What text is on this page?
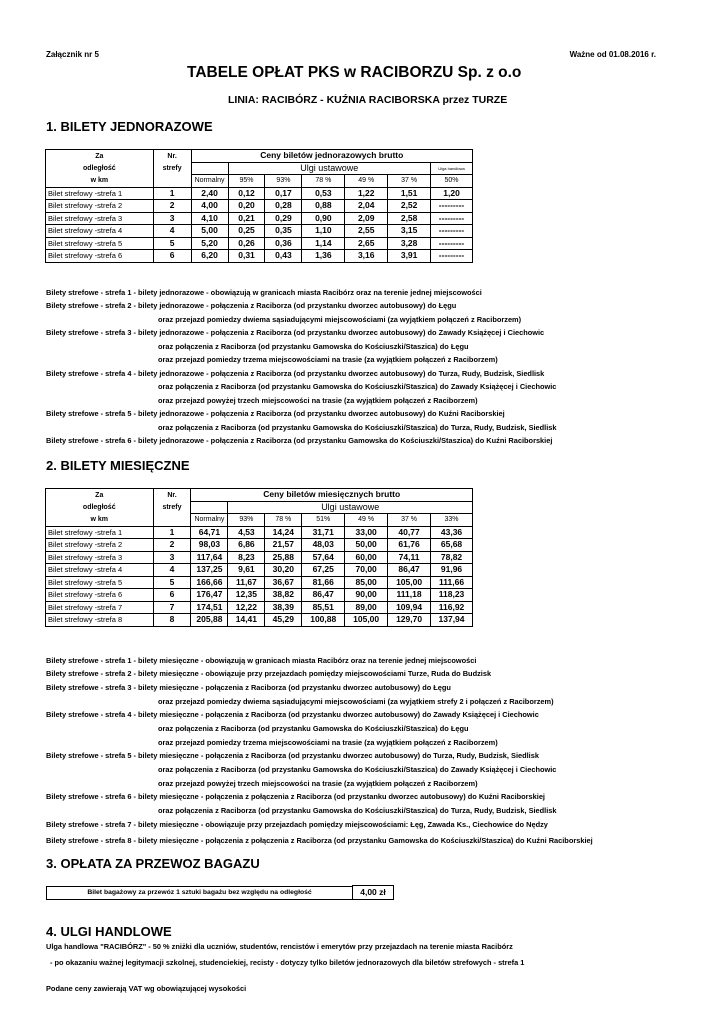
Załącznik nr 5	Ważne od 01.08.2016 r.
TABELE OPŁAT PKS w RACIBORZU Sp. z o.o
LINIA: RACIBÓRZ - KUŹNIA RACIBORSKA przez TURZE
1. BILETY JEDNORAZOWE
Za	Nr.	Ceny biletów jednorazowych brutto						
odległość	strefy		Ulgi ustawowe					Ulga handlowa
w km		Normalny	95%	93%	78 %	49 %	37 %	50%
Bilet strefowy -strefa 1	1	2,40	0,12	0,17	0,53	1,22	1,51	1,20
Bilet strefowy -strefa 2	2	4,00	0,20	0,28	0,88	2,04	2,52	---------
Bilet strefowy -strefa 3	3	4,10	0,21	0,29	0,90	2,09	2,58	---------
Bilet strefowy -strefa 4	4	5,00	0,25	0,35	1,10	2,55	3,15	---------
Bilet strefowy -strefa 5	5	5,20	0,26	0,36	1,14	2,65	3,28	---------
Bilet strefowy -strefa 6	6	6,20	0,31	0,43	1,36	3,16	3,91	---------
Bilety strefowe - strefa 1 - bilety jednorazowe - obowiązują w granicach miasta Racibórz oraz na terenie jednej miejscowości
Bilety strefowe - strefa 2 - bilety jednorazowe - połączenia z Raciborza (od przystanku dworzec autobusowy) do Łęgu
oraz przejazd pomiedzy dwiema sąsiadującymi miejscowościami (za wyjątkiem połączeń z Raciborzem)
Bilety strefowe - strefa 3 - bilety jednorazowe - połączenia z Raciborza (od przystanku dworzec autobusowy) do Zawady Książęcej i Ciechowic
oraz połączenia z Raciborza (od przystanku Gamowska do Kościuszki/Staszica) do Łęgu
oraz przejazd pomiedzy trzema miejscowościami na trasie (za wyjątkiem połączeń z Raciborzem)
Bilety strefowe - strefa 4 - bilety jednorazowe - połączenia z Raciborza (od przystanku dworzec autobusowy) do Turza, Rudy, Budzisk, Siedlisk
oraz połączenia z Raciborza (od przystanku Gamowska do Kościuszki/Staszica) do Zawady Książęcej i Ciechowic
oraz przejazd powyżej trzech miejscowości na trasie (za wyjątkiem połączeń z Raciborzem)
Bilety strefowe - strefa 5 - bilety jednorazowe - połączenia z Raciborza (od przystanku dworzec autobusowy) do Kuźni Raciborskiej
oraz połączenia z Raciborza (od przystanku Gamowska do Kościuszki/Staszica) do Turza, Rudy, Budzisk, Siedlisk
Bilety strefowe - strefa 6 - bilety jednorazowe - połączenia z Raciborza (od przystanku Gamowska do Kościuszki/Staszica) do Kuźni Raciborskiej
2. BILETY MIESIĘCZNE
Za	Nr.	Ceny biletów miesięcznych brutto						
odległość	strefy		Ulgi ustawowe					
w km		Normalny	93%	78 %	51%	49 %	37 %	33%
Bilet strefowy -strefa 1	1	64,71	4,53	14,24	31,71	33,00	40,77	43,36
Bilet strefowy -strefa 2	2	98,03	6,86	21,57	48,03	50,00	61,76	65,68
Bilet strefowy -strefa 3	3	117,64	8,23	25,88	57,64	60,00	74,11	78,82
Bilet strefowy -strefa 4	4	137,25	9,61	30,20	67,25	70,00	86,47	91,96
Bilet strefowy -strefa 5	5	166,66	11,67	36,67	81,66	85,00	105,00	111,66
Bilet strefowy -strefa 6	6	176,47	12,35	38,82	86,47	90,00	111,18	118,23
Bilet strefowy -strefa 7	7	174,51	12,22	38,39	85,51	89,00	109,94	116,92
Bilet strefowy -strefa 8	8	205,88	14,41	45,29	100,88	105,00	129,70	137,94
Bilety strefowe - strefa 1 - bilety miesięczne - obowiązują w granicach miasta Racibórz oraz na terenie jednej miejscowości
Bilety strefowe - strefa 2 - bilety miesięczne - obowiązuje przy przejazdach pomiędzy miejscowościami Turze, Ruda do Budzisk
Bilety strefowe - strefa 3 - bilety miesięczne - połączenia z Raciborza (od przystanku dworzec autobusowy) do Łęgu
oraz przejazd pomiedzy dwiema sąsiadującymi miejscowościami (za wyjątkiem strefy 2 i połączeń z Raciborzem)
Bilety strefowe - strefa 4 - bilety miesięczne - połączenia z Raciborza (od przystanku dworzec autobusowy) do Zawady Książęcej i Ciechowic
oraz połączenia z Raciborza (od przystanku Gamowska do Kościuszki/Staszica) do Łęgu
oraz przejazd pomiedzy trzema miejscowościami na trasie (za wyjątkiem połączeń z Raciborzem)
Bilety strefowe - strefa 5 - bilety miesięczne - połączenia z Raciborza (od przystanku dworzec autobusowy) do Turza, Rudy, Budzisk, Siedlisk
oraz połączenia z Raciborza (od przystanku Gamowska do Kościuszki/Staszica) do Zawady Książęcej i Ciechowic
oraz przejazd powyżej trzech miejscowości na trasie (za wyjątkiem połączeń z Raciborzem)
Bilety strefowe - strefa 6 - bilety miesięczne - połączenia z połączenia z Raciborza (od przystanku dworzec autobusowy) do Kuźni Raciborskiej
oraz połączenia z Raciborza (od przystanku Gamowska do Kościuszki/Staszica) do Turza, Rudy, Budzisk, Siedlisk
Bilety strefowe - strefa 7 - bilety miesięczne - obowiązuje przy przejazdach pomiędzy miejscowościami: Łęg, Zawada Ks., Ciechowice do Nędzy
Bilety strefowe - strefa 8 - bilety miesięczne - połączenia z połączenia z Raciborza (od przystanku Gamowska do Kościuszki/Staszica) do Kuźni Raciborskiej
3. OPŁATA ZA PRZEWOZ BAGAZU
Bilet bagażowy za przewóz 1 sztuki bagażu bez względu na odległość	4,00 zł
4. ULGI HANDLOWE
Ulga handlowa "RACIBÓRZ" - 50 % zniżki dla uczniów, studentów, rencistów i emerytów przy przejazdach na terenie miasta Racibórz
- po okazaniu ważnej legitymacji szkolnej, studenciekiej, recisty - dotyczy tylko biletów jednorazowych dla biletów strefowych - strefa 1
Podane ceny zawierają VAT wg obowiązującej wysokości
